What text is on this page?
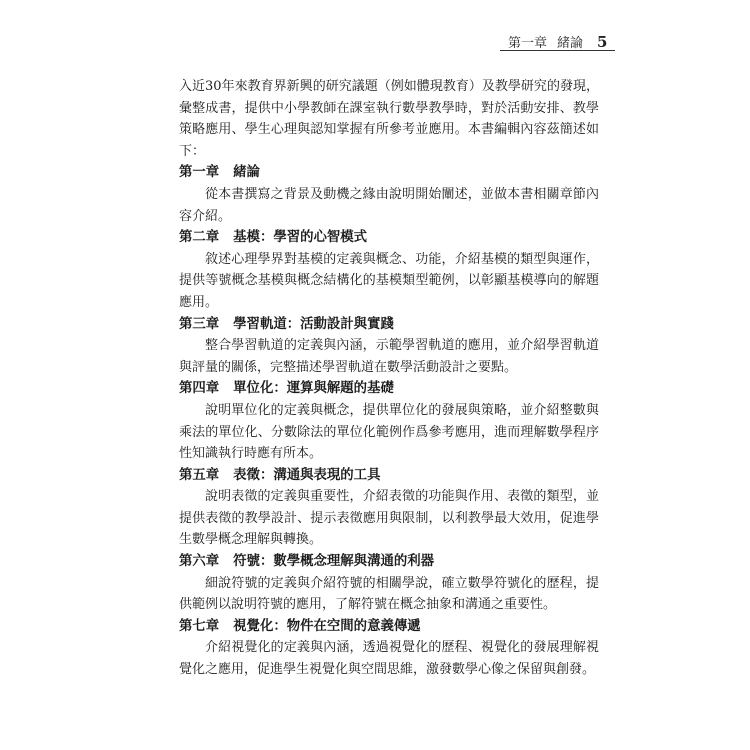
第一章 緒論 5

入近30年來教育界新興的研究議題（例如體現教育）及教學研究的發現，彙整成書，提供中小學教師在課室執行數學教學時，對於活動安排、教學策略應用、學生心理與認知掌握有所參考並應用。本書編輯內容茲簡述如下：

第一章 緒論

從本書撰寫之背景及動機之緣由說明開始闡述，並做本書相關章節內容介紹。

第二章 基模：學習的心智模式

敘述心理學界對基模的定義與概念、功能，介紹基模的類型與運作，提供等號概念基模與概念結構化的基模類型範例，以彰顯基模導向的解題應用。

第三章 學習軌道：活動設計與實踐

整合學習軌道的定義與內涵，示範學習軌道的應用，並介紹學習軌道與評量的關係，完整描述學習軌道在數學活動設計之要點。

第四章 單位化：運算與解題的基礎

說明單位化的定義與概念，提供單位化的發展與策略，並介紹整數與乘法的單位化、分數除法的單位化範例作爲參考應用，進而理解數學程序性知識執行時應有所本。

第五章 表徵：溝通與表現的工具

說明表徵的定義與重要性，介紹表徵的功能與作用、表徵的類型，並提供表徵的教學設計、提示表徵應用與限制，以利教學最大效用，促進學生數學概念理解與轉換。

第六章 符號：數學概念理解與溝通的利器

細說符號的定義與介紹符號的相關學說，確立數學符號化的歷程，提供範例以說明符號的應用，了解符號在概念抽象和溝通之重要性。

第七章 視覺化：物件在空間的意義傳遞

介紹視覺化的定義與內涵，透過視覺化的歷程、視覺化的發展理解視覺化之應用，促進學生視覺化與空間思維，激發數學心像之保留與創發。
